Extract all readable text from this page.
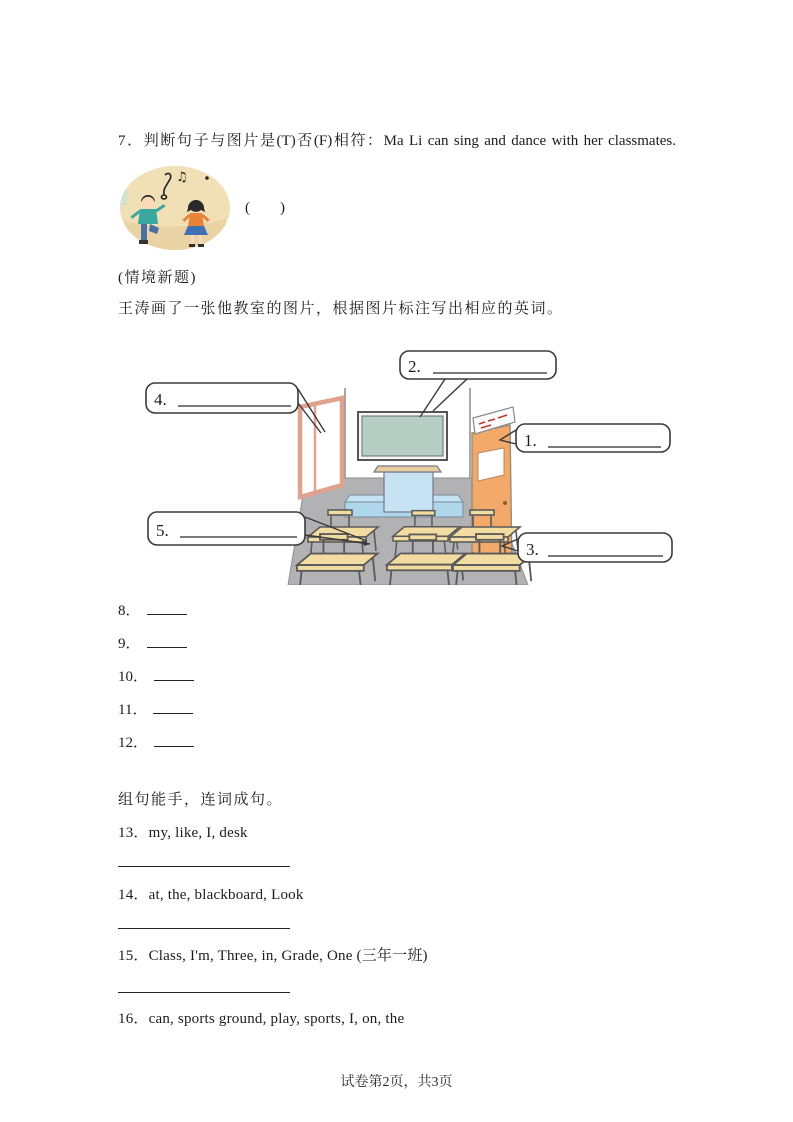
7．判断句子与图片是(T)否(F)相符：Ma Li can sing and dance with her classmates.
♫
(        )
(情境新题)
王涛画了一张他教室的图片，根据图片标注写出相应的英词。
2.
4.
1.
5.
3.
8．
9．
10．
11．
12．
组句能手，连词成句。
13．my, like, I, desk
14．at, the, blackboard, Look
15．Class, I'm, Three, in, Grade, One (三年一班)
16．can, sports ground, play, sports, I, on, the
试卷第2页，共3页
